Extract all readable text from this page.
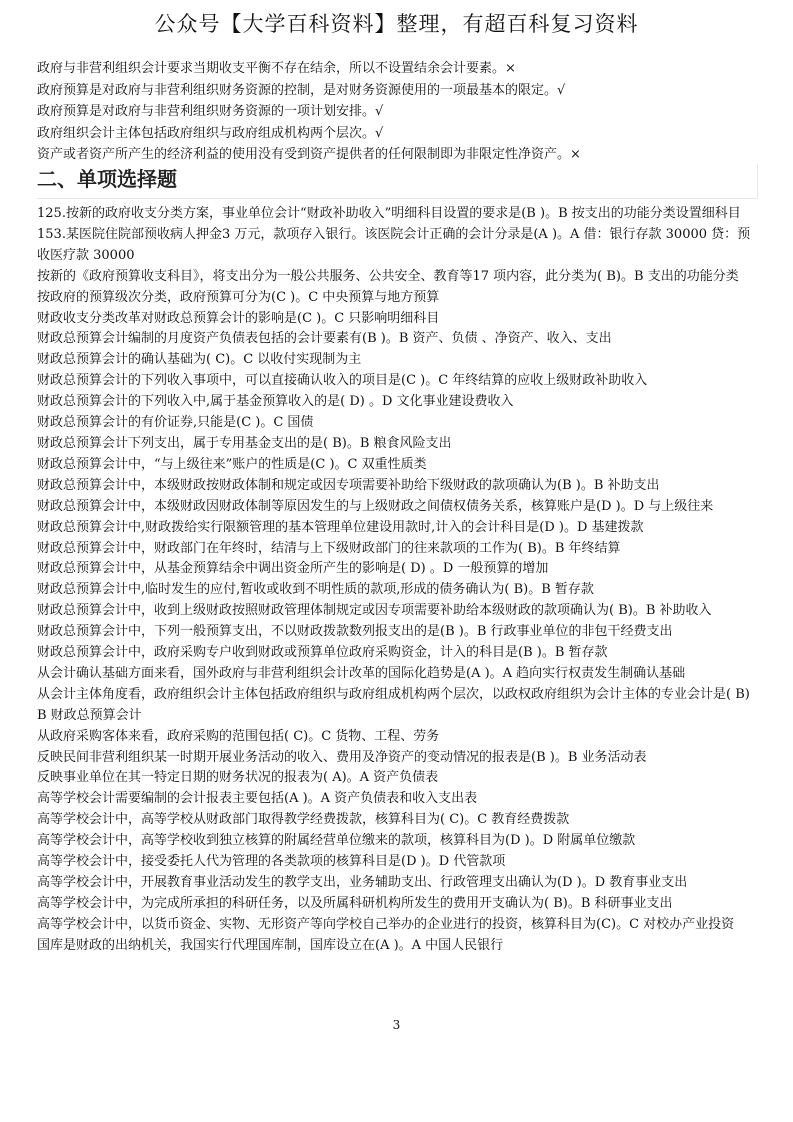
公众号【大学百科资料】整理，有超百科复习资料
政府与非营利组织会计要求当期收支平衡不存在结余，所以不设置结余会计要素。×
政府预算是对政府与非营利组织财务资源的控制，是对财务资源使用的一项最基本的限定。√
政府预算是对政府与非营利组织财务资源的一项计划安排。√
政府组织会计主体包括政府组织与政府组成机构两个层次。√
资产或者资产所产生的经济利益的使用没有受到资产提供者的任何限制即为非限定性净资产。×
二、单项选择题
125.按新的政府收支分类方案，事业单位会计“财政补助收入”明细科目设置的要求是(B )。B 按支出的功能分类设置细科目
153.某医院住院部预收病人押金3 万元，款项存入银行。该医院会计正确的会计分录是(A )。A 借：银行存款 30000 贷：预收医疗款 30000
按新的《政府预算收支科目》，将支出分为一般公共服务、公共安全、教育等17 项内容，此分类为( B)。B 支出的功能分类
按政府的预算级次分类，政府预算可分为(C )。C 中央预算与地方预算
财政收支分类改革对财政总预算会计的影响是(C )。C 只影响明细科目
财政总预算会计编制的月度资产负债表包括的会计要素有(B )。B 资产、负债 、净资产、收入、支出
财政总预算会计的确认基础为( C)。C 以收付实现制为主
财政总预算会计的下列收入事项中，可以直接确认收入的项目是(C )。C 年终结算的应收上级财政补助收入
财政总预算会计的下列收入中,属于基金预算收入的是( D) 。D 文化事业建设费收入
财政总预算会计的有价证券,只能是(C )。C 国债
财政总预算会计下列支出，属于专用基金支出的是( B)。B 粮食风险支出
财政总预算会计中，“与上级往来”账户的性质是(C )。C 双重性质类
财政总预算会计中，本级财政按财政体制和规定或因专项需要补助给下级财政的款项确认为(B )。B 补助支出
财政总预算会计中，本级财政因财政体制等原因发生的与上级财政之间债权债务关系，核算账户是(D )。D 与上级往来
财政总预算会计中,财政拨给实行限额管理的基本管理单位建设用款时,计入的会计科目是(D )。D 基建拨款
财政总预算会计中，财政部门在年终时，结清与上下级财政部门的往来款项的工作为( B)。B 年终结算
财政总预算会计中，从基金预算结余中调出资金所产生的影响是( D) 。D 一般预算的增加
财政总预算会计中,临时发生的应付,暂收或收到不明性质的款项,形成的债务确认为( B)。B 暂存款
财政总预算会计中，收到上级财政按照财政管理体制规定或因专项需要补助给本级财政的款项确认为( B)。B 补助收入
财政总预算会计中，下列一般预算支出，不以财政拨款数列报支出的是(B )。B 行政事业单位的非包干经费支出
财政总预算会计中，政府采购专户收到财政或预算单位政府采购资金，计入的科目是(B )。B 暂存款
从会计确认基础方面来看，国外政府与非营利组织会计改革的国际化趋势是(A )。A 趋向实行权责发生制确认基础
从会计主体角度看，政府组织会计主体包括政府组织与政府组成机构两个层次，以政权政府组织为会计主体的专业会计是( B)B 财政总预算会计
从政府采购客体来看，政府采购的范围包括( C)。C 货物、工程、劳务
反映民间非营利组织某一时期开展业务活动的收入、费用及净资产的变动情况的报表是(B )。B 业务活动表
反映事业单位在其一特定日期的财务状况的报表为( A)。A 资产负债表
高等学校会计需要编制的会计报表主要包括(A )。A 资产负债表和收入支出表
高等学校会计中，高等学校从财政部门取得教学经费拨款，核算科目为( C)。C 教育经费拨款
高等学校会计中，高等学校收到独立核算的附属经营单位缴来的款项，核算科目为(D )。D 附属单位缴款
高等学校会计中，接受委托人代为管理的各类款项的核算科目是(D )。D 代管款项
高等学校会计中，开展教育事业活动发生的教学支出，业务辅助支出、行政管理支出确认为(D )。D 教育事业支出
高等学校会计中，为完成所承担的科研任务，以及所属科研机构所发生的费用开支确认为( B)。B 科研事业支出
高等学校会计中，以货币资金、实物、无形资产等向学校自己举办的企业进行的投资，核算科目为(C)。C 对校办产业投资
国库是财政的出纳机关，我国实行代理国库制，国库设立在(A )。A 中国人民银行
3
